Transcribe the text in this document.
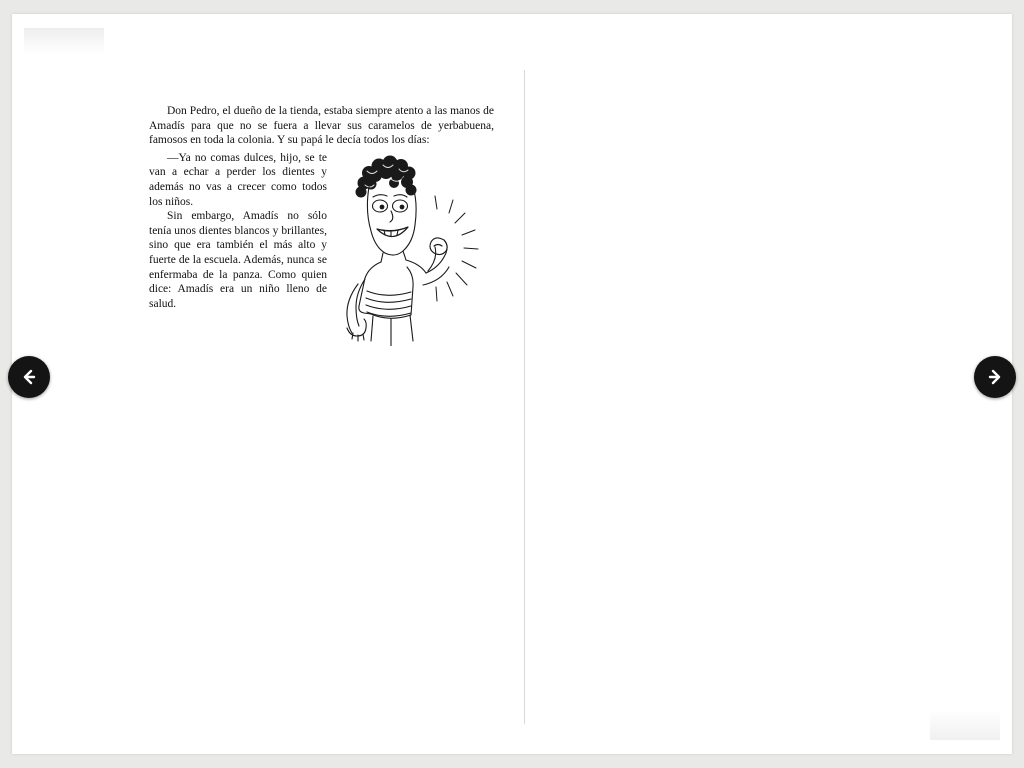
Don Pedro, el dueño de la tienda, estaba siempre atento a las manos de Amadís para que no se fuera a llevar sus caramelos de yerbabuena, famosos en toda la colonia. Y su papá le decía todos los días:

—Ya no comas dulces, hijo, se te van a echar a perder los dientes y además no vas a crecer como todos los niños.

Sin embargo, Amadís no sólo tenía unos dientes blancos y brillantes, sino que era también el más alto y fuerte de la escuela. Además, nunca se enfermaba de la panza. Como quien dice: Amadís era un niño lleno de salud.
